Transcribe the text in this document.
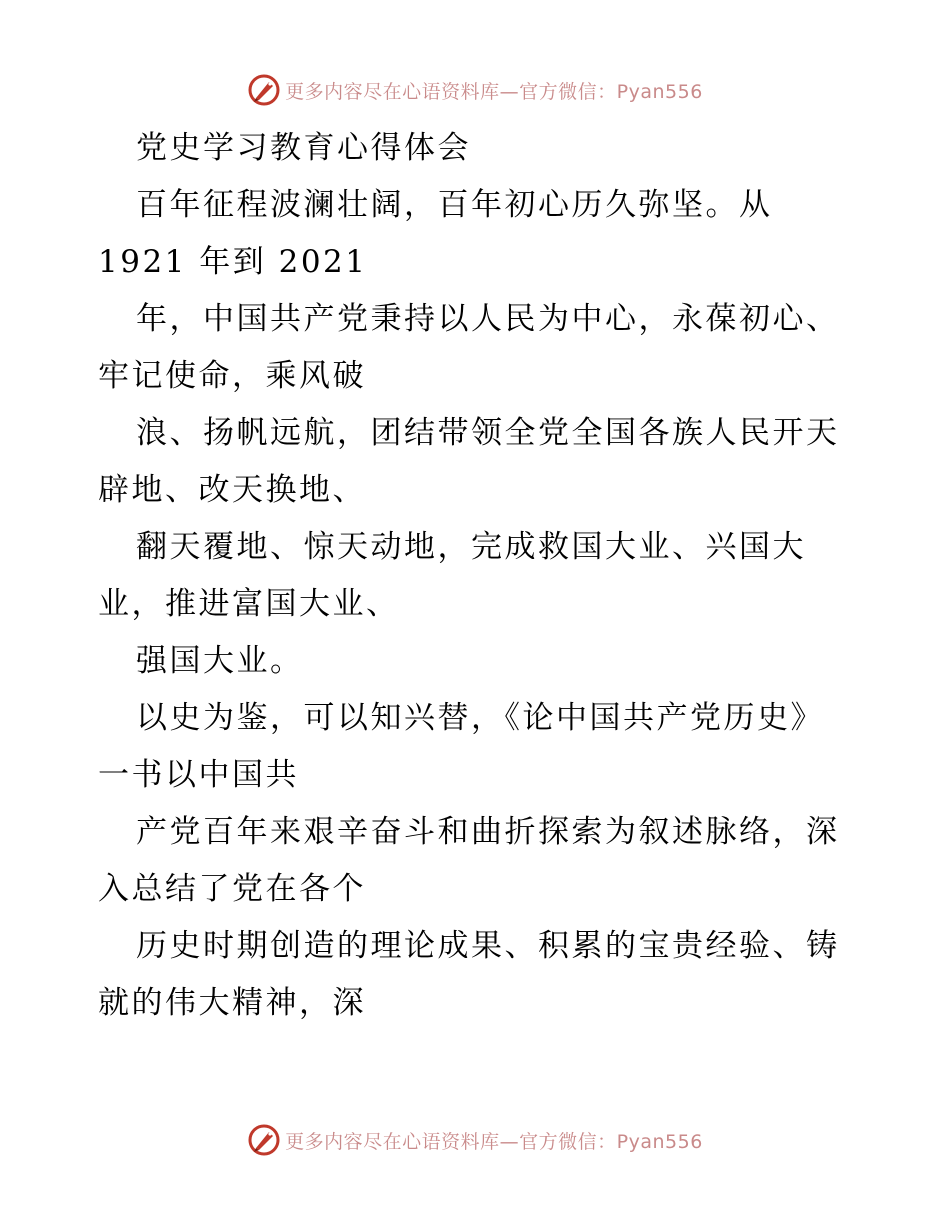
更多内容尽在心语资料库—官方微信：Pyan556

党史学习教育心得体会

百年征程波澜壮阔，百年初心历久弥坚。从

1921 年到 2021

年，中国共产党秉持以人民为中心，永葆初心、

牢记使命，乘风破

浪、扬帆远航，团结带领全党全国各族人民开天

辟地、改天换地、

翻天覆地、惊天动地，完成救国大业、兴国大

业，推进富国大业、

强国大业。

以史为鉴，可以知兴替，《论中国共产党历史》

一书以中国共

产党百年来艰辛奋斗和曲折探索为叙述脉络，深

入总结了党在各个

历史时期创造的理论成果、积累的宝贵经验、铸

就的伟大精神，深

更多内容尽在心语资料库—官方微信：Pyan556
